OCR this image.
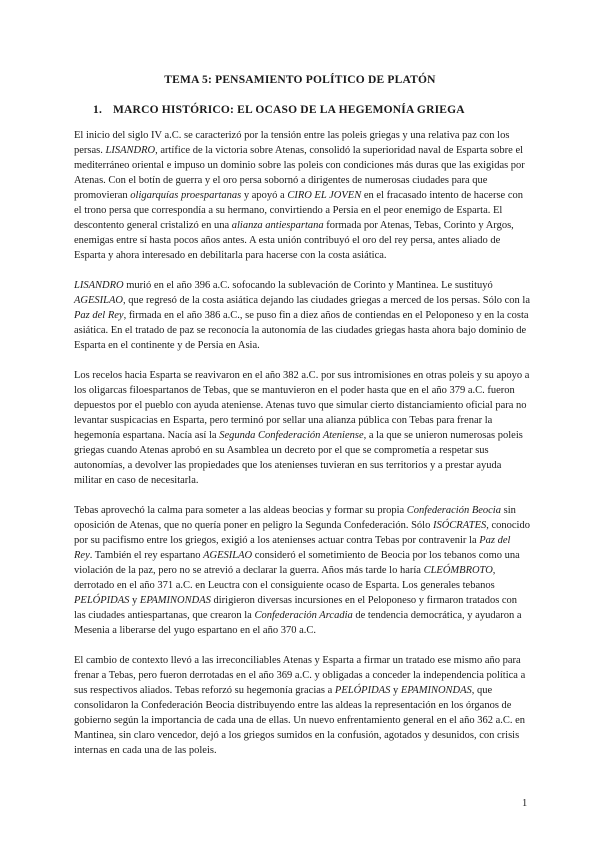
TEMA 5: PENSAMIENTO POLÍTICO DE PLATÓN
1. MARCO HISTÓRICO: EL OCASO DE LA HEGEMONÍA GRIEGA

El inicio del siglo IV a.C. se caracterizó por la tensión entre las poleis griegas y una relativa paz con los persas. LISANDRO, artífice de la victoria sobre Atenas, consolidó la superioridad naval de Esparta sobre el mediterráneo oriental e impuso un dominio sobre las poleis con condiciones más duras que las exigidas por Atenas. Con el botín de guerra y el oro persa sobornó a dirigentes de numerosas ciudades para que promovieran oligarquías proespartanas y apoyó a CIRO EL JOVEN en el fracasado intento de hacerse con el trono persa que correspondía a su hermano, convirtiendo a Persia en el peor enemigo de Esparta. El descontento general cristalizó en una alianza antiespartana formada por Atenas, Tebas, Corinto y Argos, enemigas entre sí hasta pocos años antes. A esta unión contribuyó el oro del rey persa, antes aliado de Esparta y ahora interesado en debilitarla para hacerse con la costa asiática.

LISANDRO murió en el año 396 a.C. sofocando la sublevación de Corinto y Mantinea. Le sustituyó AGESILAO, que regresó de la costa asiática dejando las ciudades griegas a merced de los persas. Sólo con la Paz del Rey, firmada en el año 386 a.C., se puso fin a diez años de contiendas en el Peloponeso y en la costa asiática. En el tratado de paz se reconocía la autonomía de las ciudades griegas hasta ahora bajo dominio de Esparta en el continente y de Persia en Asia.

Los recelos hacia Esparta se reavivaron en el año 382 a.C. por sus intromisiones en otras poleis y su apoyo a los oligarcas filoespartanos de Tebas, que se mantuvieron en el poder hasta que en el año 379 a.C. fueron depuestos por el pueblo con ayuda ateniense. Atenas tuvo que simular cierto distanciamiento oficial para no levantar suspicacias en Esparta, pero terminó por sellar una alianza pública con Tebas para frenar la hegemonía espartana. Nacía así la Segunda Confederación Ateniense, a la que se unieron numerosas poleis griegas cuando Atenas aprobó en su Asamblea un decreto por el que se comprometía a respetar sus autonomías, a devolver las propiedades que los atenienses tuvieran en sus territorios y a prestar ayuda militar en caso de necesitarla.

Tebas aprovechó la calma para someter a las aldeas beocias y formar su propia Confederación Beocia sin oposición de Atenas, que no quería poner en peligro la Segunda Confederación. Sólo ISÓCRATES, conocido por su pacifismo entre los griegos, exigió a los atenienses actuar contra Tebas por contravenir la Paz del Rey. También el rey espartano AGESILAO consideró el sometimiento de Beocia por los tebanos como una violación de la paz, pero no se atrevió a declarar la guerra. Años más tarde lo haría CLEÓMBROTO, derrotado en el año 371 a.C. en Leuctra con el consiguiente ocaso de Esparta. Los generales tebanos PELÓPIDAS y EPAMINONDAS dirigieron diversas incursiones en el Peloponeso y firmaron tratados con las ciudades antiespartanas, que crearon la Confederación Arcadia de tendencia democrática, y ayudaron a Mesenia a liberarse del yugo espartano en el año 370 a.C.

El cambio de contexto llevó a las irreconciliables Atenas y Esparta a firmar un tratado ese mismo año para frenar a Tebas, pero fueron derrotadas en el año 369 a.C. y obligadas a conceder la independencia política a sus respectivos aliados. Tebas reforzó su hegemonía gracias a PELÓPIDAS y EPAMINONDAS, que consolidaron la Confederación Beocia distribuyendo entre las aldeas la representación en los órganos de gobierno según la importancia de cada una de ellas. Un nuevo enfrentamiento general en el año 362 a.C. en Mantinea, sin claro vencedor, dejó a los griegos sumidos en la confusión, agotados y desunidos, con crisis internas en cada una de las poleis.

1
